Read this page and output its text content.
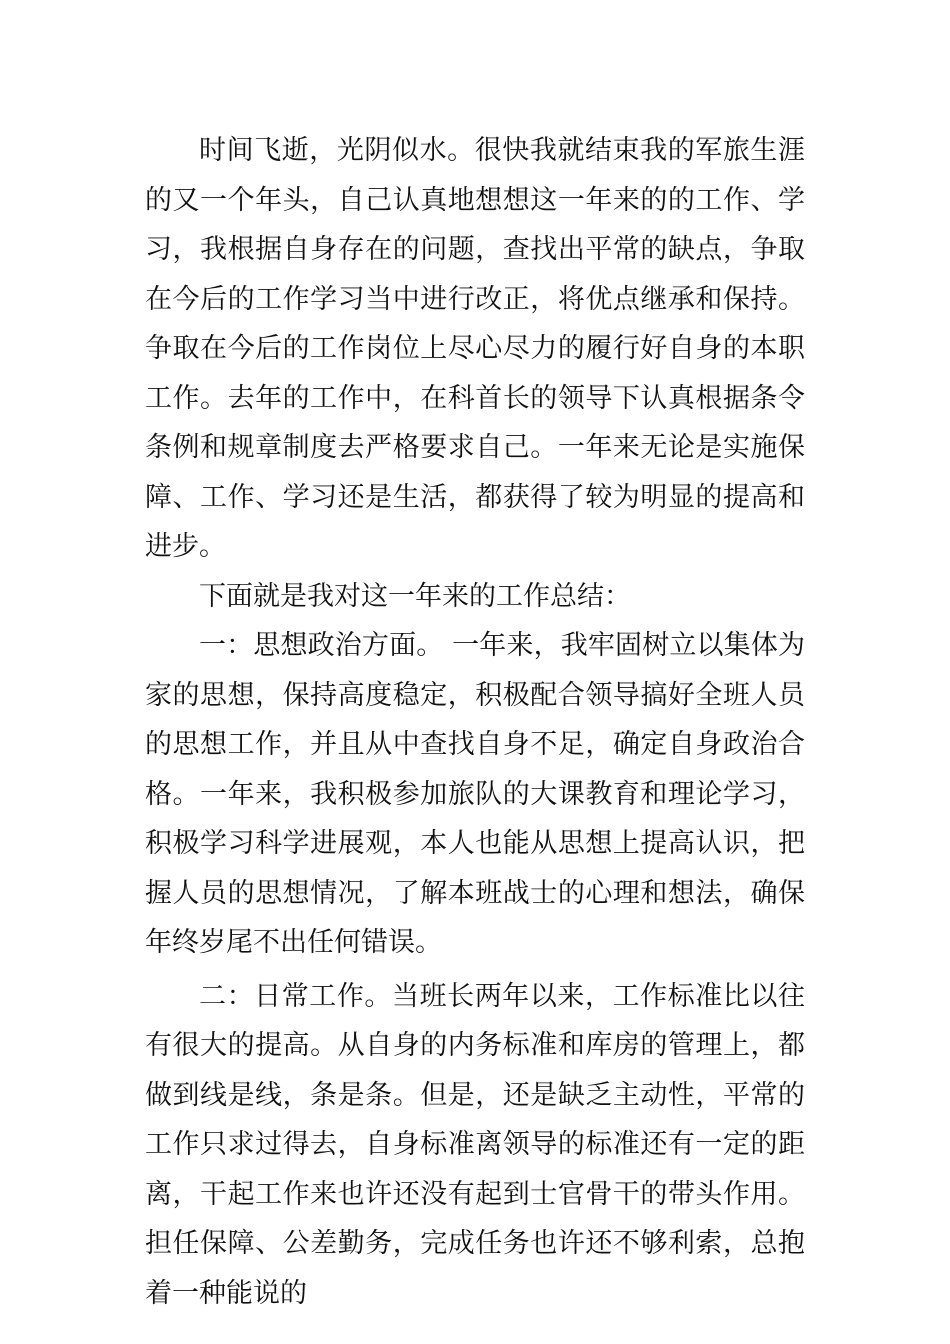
时间飞逝，光阴似水。很快我就结束我的军旅生涯的又一个年头，自己认真地想想这一年来的的工作、学习，我根据自身存在的问题，查找出平常的缺点，争取在今后的工作学习当中进行改正，将优点继承和保持。争取在今后的工作岗位上尽心尽力的履行好自身的本职工作。去年的工作中，在科首长的领导下认真根据条令条例和规章制度去严格要求自己。一年来无论是实施保障、工作、学习还是生活，都获得了较为明显的提高和进步。

下面就是我对这一年来的工作总结：

一：思想政治方面。 一年来，我牢固树立以集体为家的思想，保持高度稳定，积极配合领导搞好全班人员的思想工作，并且从中查找自身不足，确定自身政治合格。一年来，我积极参加旅队的大课教育和理论学习，积极学习科学进展观，本人也能从思想上提高认识，把握人员的思想情况，了解本班战士的心理和想法，确保年终岁尾不出任何错误。

二：日常工作。当班长两年以来，工作标准比以往有很大的提高。从自身的内务标准和库房的管理上，都做到线是线，条是条。但是，还是缺乏主动性，平常的工作只求过得去，自身标准离领导的标准还有一定的距离，干起工作来也许还没有起到士官骨干的带头作用。担任保障、公差勤务，完成任务也许还不够利索，总抱着一种能说的
